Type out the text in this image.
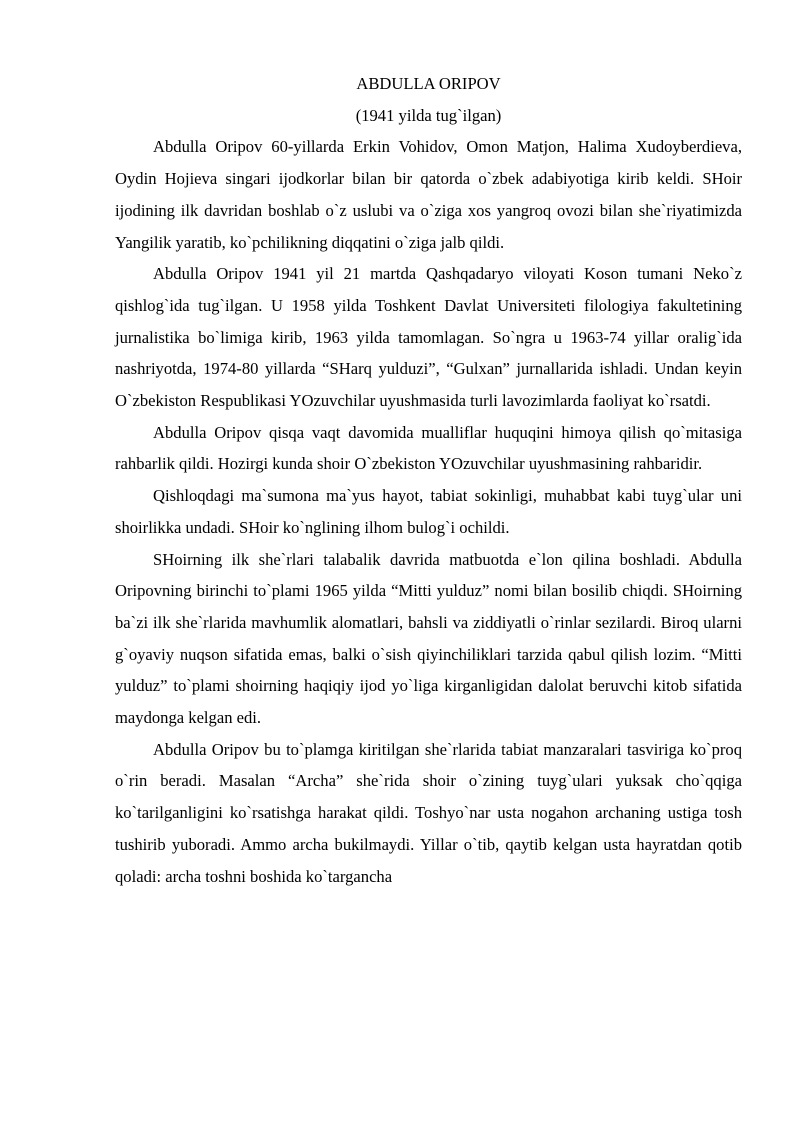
ABDULLA ORIPOV

(1941 yilda tug`ilgan)

Abdulla Oripov 60-yillarda Erkin Vohidov, Omon Matjon, Halima Xudoyberdieva, Oydin Hojieva singari ijodkorlar bilan bir qatorda o`zbek adabiyotiga kirib keldi. SHoir ijodining ilk davridan boshlab o`z uslubi va o`ziga xos yangroq ovozi bilan she`riyatimizda Yangilik yaratib, ko`pchilikning diqqatini o`ziga jalb qildi.

Abdulla Oripov 1941 yil 21 martda Qashqadaryo viloyati Koson tumani Neko`z qishlog`ida tug`ilgan. U 1958 yilda Toshkent Davlat Universiteti filologiya fakultetining jurnalistika bo`limiga kirib, 1963 yilda tamomlagan. So`ngra u 1963-74 yillar oralig`ida nashriyotda, 1974-80 yillarda “SHarq yulduzi”, “Gulxan” jurnallarida ishladi. Undan keyin O`zbekiston Respublikasi YOzuvchilar uyushmasida turli lavozimlarda faoliyat ko`rsatdi.

Abdulla Oripov qisqa vaqt davomida mualliflar huquqini himoya qilish qo`mitasiga rahbarlik qildi. Hozirgi kunda shoir O`zbekiston YOzuvchilar uyushmasining rahbaridir.

Qishloqdagi ma`sumona ma`yus hayot, tabiat sokinligi, muhabbat kabi tuyg`ular uni shoirlikka undadi. SHoir ko`nglining ilhom bulog`i ochildi.

SHoirning ilk she`rlari talabalik davrida matbuotda e`lon qilina boshladi. Abdulla Oripovning birinchi to`plami 1965 yilda “Mitti yulduz” nomi bilan bosilib chiqdi. SHoirning ba`zi ilk she`rlarida mavhumlik alomatlari, bahsli va ziddiyatli o`rinlar sezilardi. Biroq ularni g`oyaviy nuqson sifatida emas, balki o`sish qiyinchiliklari tarzida qabul qilish lozim. “Mitti yulduz” to`plami shoirning haqiqiy ijod yo`liga kirganligidan dalolat beruvchi kitob sifatida maydonga kelgan edi.

Abdulla Oripov bu to`plamga kiritilgan she`rlarida tabiat manzaralari tasviriga ko`proq o`rin beradi. Masalan “Archa” she`rida shoir o`zining tuyg`ulari yuksak cho`qqiga ko`tarilganligini ko`rsatishga harakat qildi. Toshyo`nar usta nogahon archaning ustiga tosh tushirib yuboradi. Ammo archa bukilmaydi. Yillar o`tib, qaytib kelgan usta hayratdan qotib qoladi: archa toshni boshida ko`targancha
